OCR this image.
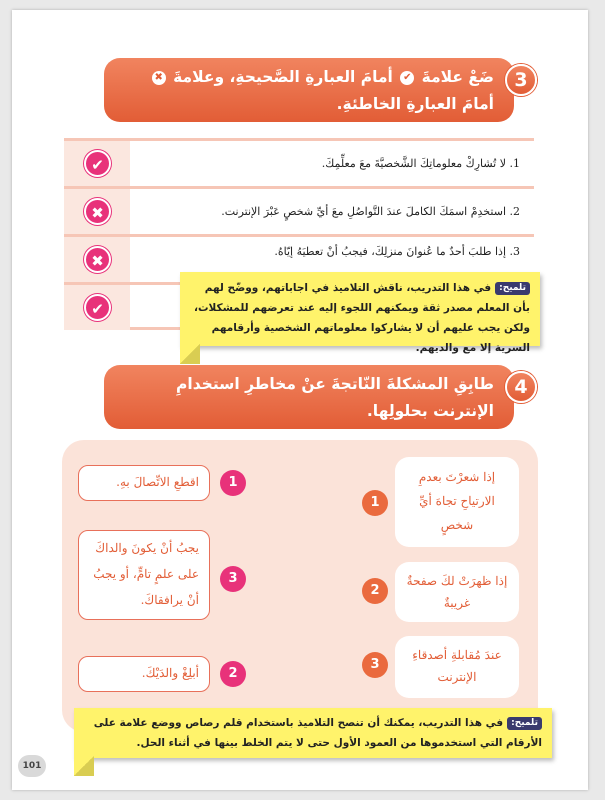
ضَعْ علامةَ ✔ أمامَ العبارةِ الصَّحيحةِ، وعلامةَ ✖ أمامَ العبارةِ الخاطئةِ.
3
1. لا تُشارِكْ معلوماتِكَ الشَّخصيَّةَ معَ معلِّمِكَ.
✔
2. استخدِمْ اسمَكَ الكاملَ عندَ التَّواصُلِ معَ أيِّ شخصٍ عَبْرَ الإنترنت.
✖
3. إذا طلبَ أحدٌ ما عُنوانَ منزلِكَ، فيجبُ أنْ تعطيَهُ إيّاهُ.
✖
✔
تلميح:في هذا التدريب، ناقش التلاميذ في اجاباتهم، ووضّح لهم بأن المعلم مصدر ثقة ويمكنهم اللجوء إليه عند تعرضهم للمشكلات، ولكن يجب عليهم أن لا يشاركوا معلوماتهم الشخصية وأرقامهم السرية إلا مع والديهم.
طابِقِ المشكلةَ النّاتجةَ عنْ مخاطرِ استخدامِ الإنترنت بحلولِها.
4
إذا شعرْتَ بعدمِ الارتياحِ تجاهَ أيِّ شخصٍ
1
إذا ظهرَتْ لكَ صفحةٌ غريبةٌ
2
عندَ مُقابلةِ أصدقاءِ الإنترنت
3
اقطعِ الاتِّصالَ بهِ.	1
يجبُ أنْ يكونَ والداكَ على علمٍ تامٍّ، أو يجبُ أنْ يرافقاكَ.
3
أبلِغْ والدَيْكَ.	2
تلميح:في هذا التدريب، يمكنك أن تنصح التلاميذ باستخدام قلم رصاص ووضع علامة على الأرقام التي استخدموها من العمود الأول حتى لا يتم الخلط بينها في أثناء الحل.
101
